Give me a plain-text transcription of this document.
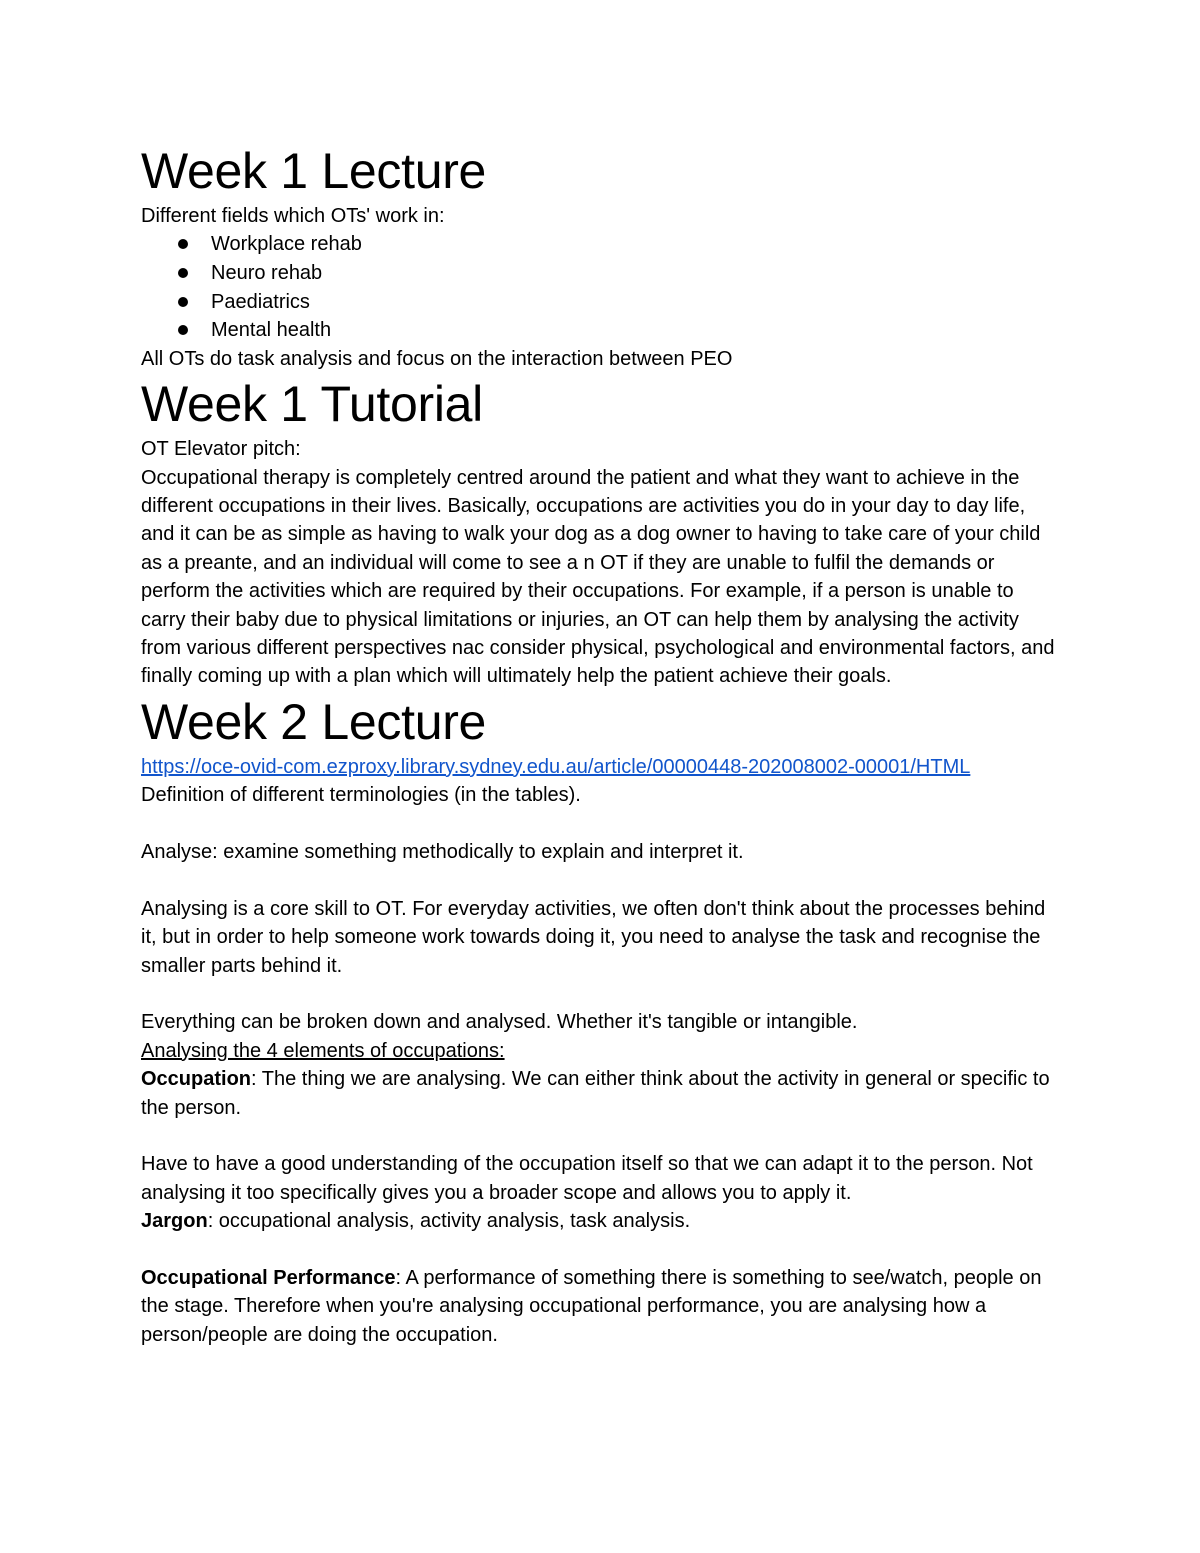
Week 1 Lecture

Different fields which OTs' work in:

Workplace rehab
Neuro rehab
Paediatrics
Mental health

All OTs do task analysis and focus on the interaction between PEO

Week 1 Tutorial

OT Elevator pitch:

Occupational therapy is completely centred around the patient and what they want to achieve in the different occupations in their lives. Basically, occupations are activities you do in your day to day life, and it can be as simple as having to walk your dog as a dog owner to having to take care of your child as a preante, and an individual will come to see a n OT if they are unable to fulfil the demands or perform the activities which are required by their occupations. For example, if a person is unable to carry their baby due to physical limitations or injuries, an OT can help them by analysing the activity from various different perspectives nac consider physical, psychological and environmental factors, and finally coming up with a plan which will ultimately help the patient achieve their goals.

Week 2 Lecture

https://oce-ovid-com.ezproxy.library.sydney.edu.au/article/00000448-202008002-00001/HTML

Definition of different terminologies (in the tables).

Analyse: examine something methodically to explain and interpret it.

Analysing is a core skill to OT. For everyday activities, we often don't think about the processes behind it, but in order to help someone work towards doing it, you need to analyse the task and recognise the smaller parts behind it.

Everything can be broken down and analysed. Whether it's tangible or intangible.

Analysing the 4 elements of occupations:

Occupation: The thing we are analysing. We can either think about the activity in general or specific to the person.

Have to have a good understanding of the occupation itself so that we can adapt it to the person. Not analysing it too specifically gives you a broader scope and allows you to apply it.

Jargon: occupational analysis, activity analysis, task analysis.

Occupational Performance: A performance of something there is something to see/watch, people on the stage. Therefore when you're analysing occupational performance, you are analysing how a person/people are doing the occupation.
